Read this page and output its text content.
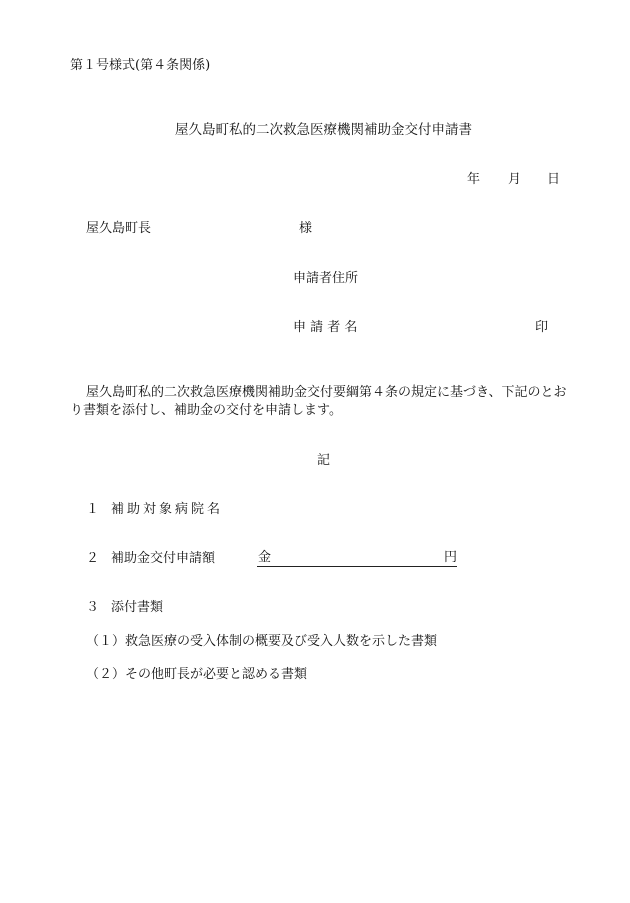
第１号様式(第４条関係)
屋久島町私的二次救急医療機関補助金交付申請書
年 月 日
屋久島町長	様
申請者住所
申 請 者 名	印
屋久島町私的二次救急医療機関補助金交付要綱第４条の規定に基づき、下記のとお
り書類を添付し、補助金の交付を申請します。
記
１ 補助対象病院名
２ 補助金交付申請額	金	円
３ 添付書類
（１）救急医療の受入体制の概要及び受入人数を示した書類
（２）その他町長が必要と認める書類
